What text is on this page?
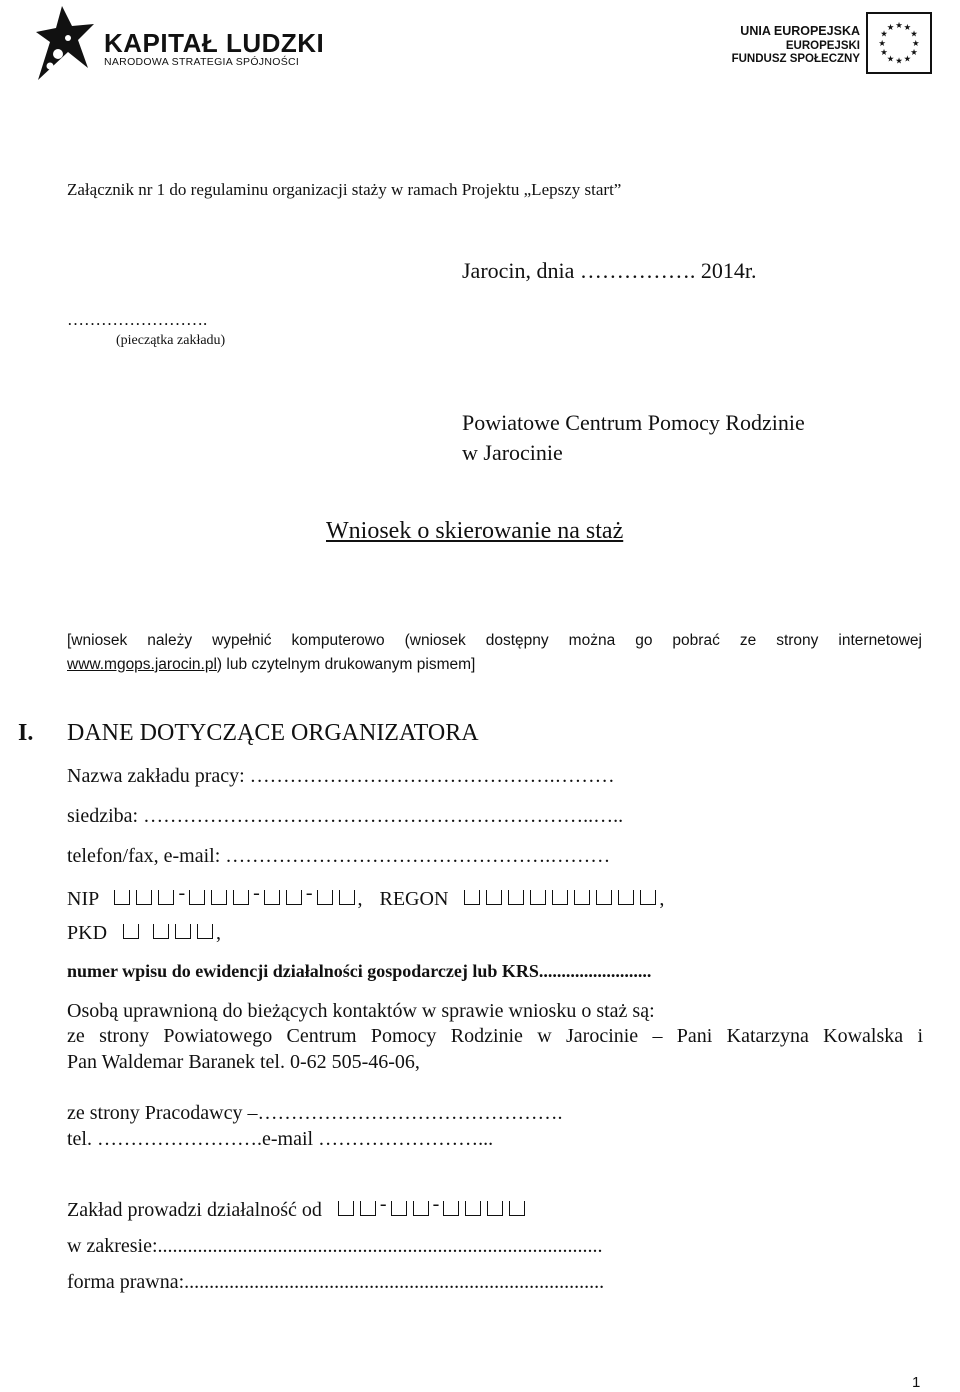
KAPITAŁ LUDZKI
NARODOWA STRATEGIA SPÓJNOŚCI
UNIA EUROPEJSKA
EUROPEJSKI
FUNDUSZ SPOŁECZNY
★ ★
★
★
★
★
★
★
★
★
★
★
Załącznik nr 1 do regulaminu organizacji staży w ramach Projektu „Lepszy start”
Jarocin, dnia ……………. 2014r.
…………………….
(pieczątka zakładu)
Powiatowe Centrum Pomocy Rodzinie
w Jarocinie
Wniosek o skierowanie na staż
[wniosek należy wypełnić komputerowo (wniosek dostępny można go pobrać ze strony internetowej
www.mgops.jarocin.pl) lub czytelnym drukowanym pismem]
I. DANE DOTYCZĄCE ORGANIZATORA
Nazwa zakładu pracy: ……………………………………….………
siedziba: …………………………………………………………..…..
telefon/fax, e-mail: ………………………………………….………
NIP	-	- - , REGON	,
PKD	,
numer wpisu do ewidencji działalności gospodarczej lub KRS.........................
Osobą uprawnioną do bieżących kontaktów w sprawie wniosku o staż są:
ze strony Powiatowego Centrum Pomocy Rodzinie w Jarocinie – Pani Katarzyna Kowalska i
Pan Waldemar Baranek tel. 0-62 505-46-06,
ze strony Pracodawcy –……………………………………….
tel. …………………….e-mail ……………………...
Zakład prowadzi działalność od	- -
w zakresie:.........................................................................................
forma prawna:....................................................................................
1
